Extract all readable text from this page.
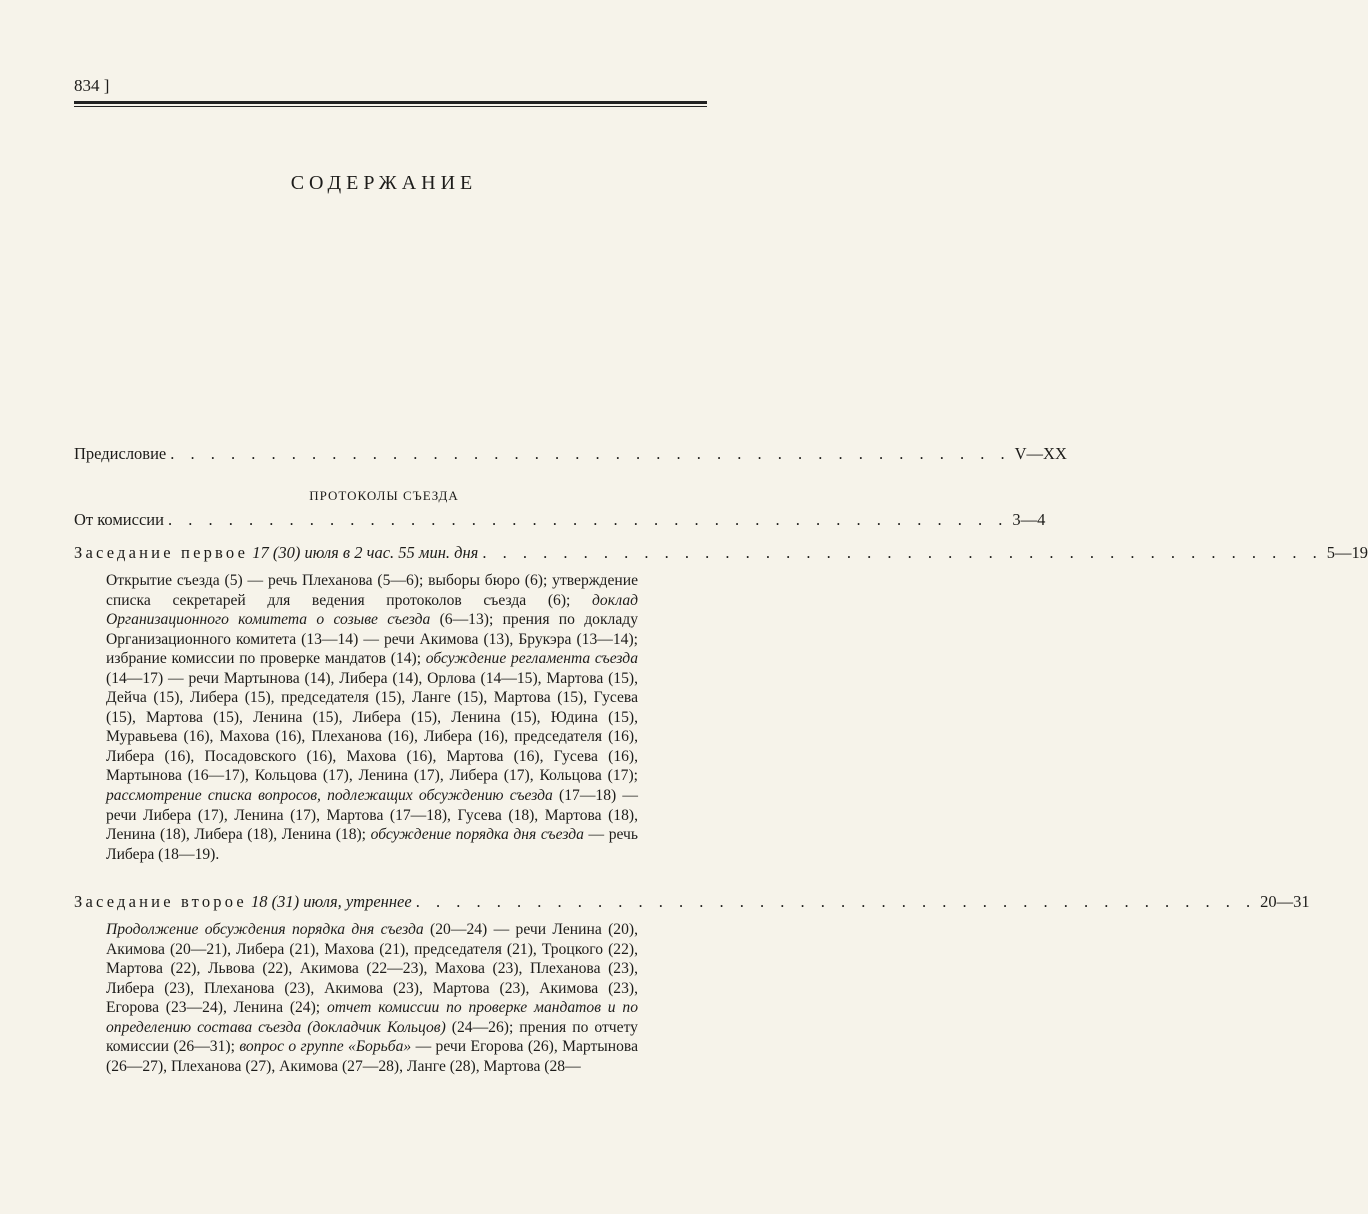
834 ]
СОДЕРЖАНИЕ
Предисловие . . . . . . . . . . . . . . . . . . . . . . . . . . . . . . . . . . . . . . . . . . V—XX
ПРОТОКОЛЫ СЪЕЗДА
От комиссии . . . . . . . . . . . . . . . . . . . . . . . . . . . . . . . . . . . . . . . . . . 3—4
Заседание первое 17 (30) июля в 2 час. 55 мин. дня . . . . . . . . . . . . . . . . . . . . . . . . . . . . . . . . . . . . . . . . . . 5—19
Открытие съезда (5) — речь Плеханова (5—6); выборы бюро (6); утверждение списка секретарей для ведения протоколов съезда (6); доклад Организационного комитета о созыве съезда (6—13); прения по докладу Организационного комитета (13—14) — речи Акимова (13), Брукэра (13—14); избрание комиссии по проверке мандатов (14); обсуждение регламента съезда (14—17) — речи Мартынова (14), Либера (14), Орлова (14—15), Мартова (15), Дейча (15), Либера (15), председателя (15), Ланге (15), Мартова (15), Гусева (15), Мартова (15), Ленина (15), Либера (15), Ленина (15), Юдина (15), Муравьева (16), Махова (16), Плеханова (16), Либера (16), председателя (16), Либера (16), Посадовского (16), Махова (16), Мартова (16), Гусева (16), Мартынова (16—17), Кольцова (17), Ленина (17), Либера (17), Кольцова (17); рассмотрение списка вопросов, подлежащих обсуждению съезда (17—18) — речи Либера (17), Ленина (17), Мартова (17—18), Гусева (18), Мартова (18), Ленина (18), Либера (18), Ленина (18); обсуждение порядка дня съезда — речь Либера (18—19).
Заседание второе 18 (31) июля, утреннее . . . . . . . . . . . . . . . . . . . . . . . . . . . . . . . . . . . . . . . . . . 20—31
Продолжение обсуждения порядка дня съезда (20—24) — речи Ленина (20), Акимова (20—21), Либера (21), Махова (21), председателя (21), Троцкого (22), Мартова (22), Львова (22), Акимова (22—23), Махова (23), Плеханова (23), Либера (23), Плеханова (23), Акимова (23), Мартова (23), Акимова (23), Егорова (23—24), Ленина (24); отчет комиссии по проверке мандатов и по определению состава съезда (докладчик Кольцов) (24—26); прения по отчету комиссии (26—31); вопрос о группе «Борьба» — речи Егорова (26), Мартынова (26—27), Плеханова (27), Акимова (27—28), Ланге (28), Мартова (28—
